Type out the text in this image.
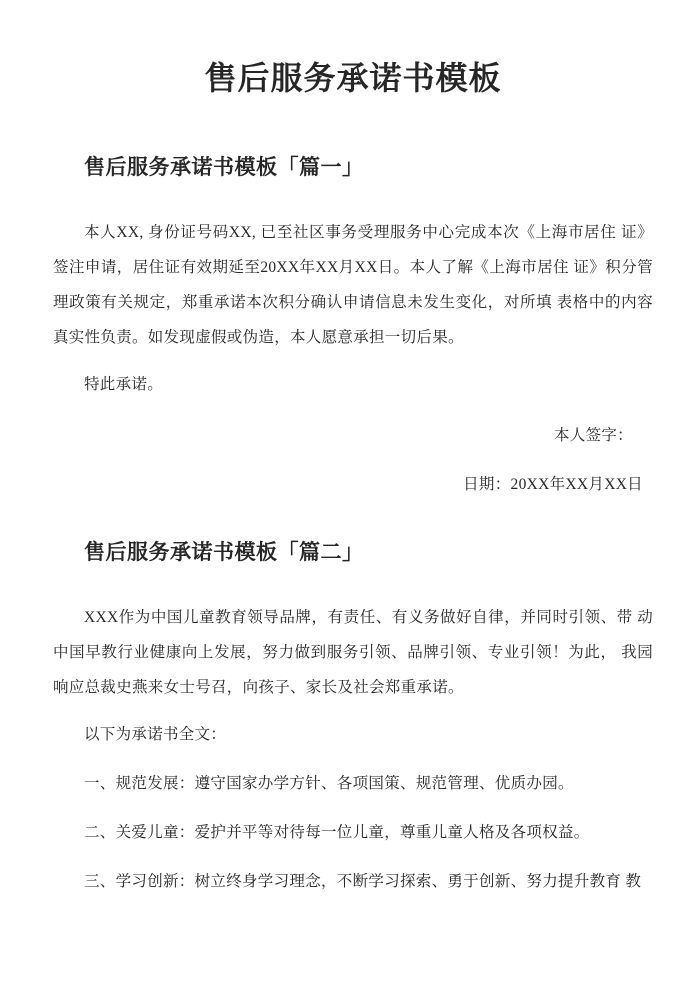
售后服务承诺书模板
售后服务承诺书模板「篇一」

本人XX, 身份证号码XX, 已至社区事务受理服务中心完成本次《上海市居住 证》签注申请，居住证有效期延至20XX年XX月XX日。本人了解《上海市居住 证》积分管理政策有关规定，郑重承诺本次积分确认申请信息未发生变化，对所填 表格中的内容真实性负责。如发现虚假或伪造，本人愿意承担一切后果。

特此承诺。

本人签字：

日期：20XX年XX月XX日

售后服务承诺书模板「篇二」

XXX作为中国儿童教育领导品牌，有责任、有义务做好自律，并同时引领、带 动中国早教行业健康向上发展，努力做到服务引领、品牌引领、专业引领！为此， 我园响应总裁史燕来女士号召，向孩子、家长及社会郑重承诺。

以下为承诺书全文：

一、规范发展：遵守国家办学方针、各项国策、规范管理、优质办园。

二、关爱儿童：爱护并平等对待每一位儿童，尊重儿童人格及各项权益。

三、学习创新：树立终身学习理念，不断学习探索、勇于创新、努力提升教育 教
